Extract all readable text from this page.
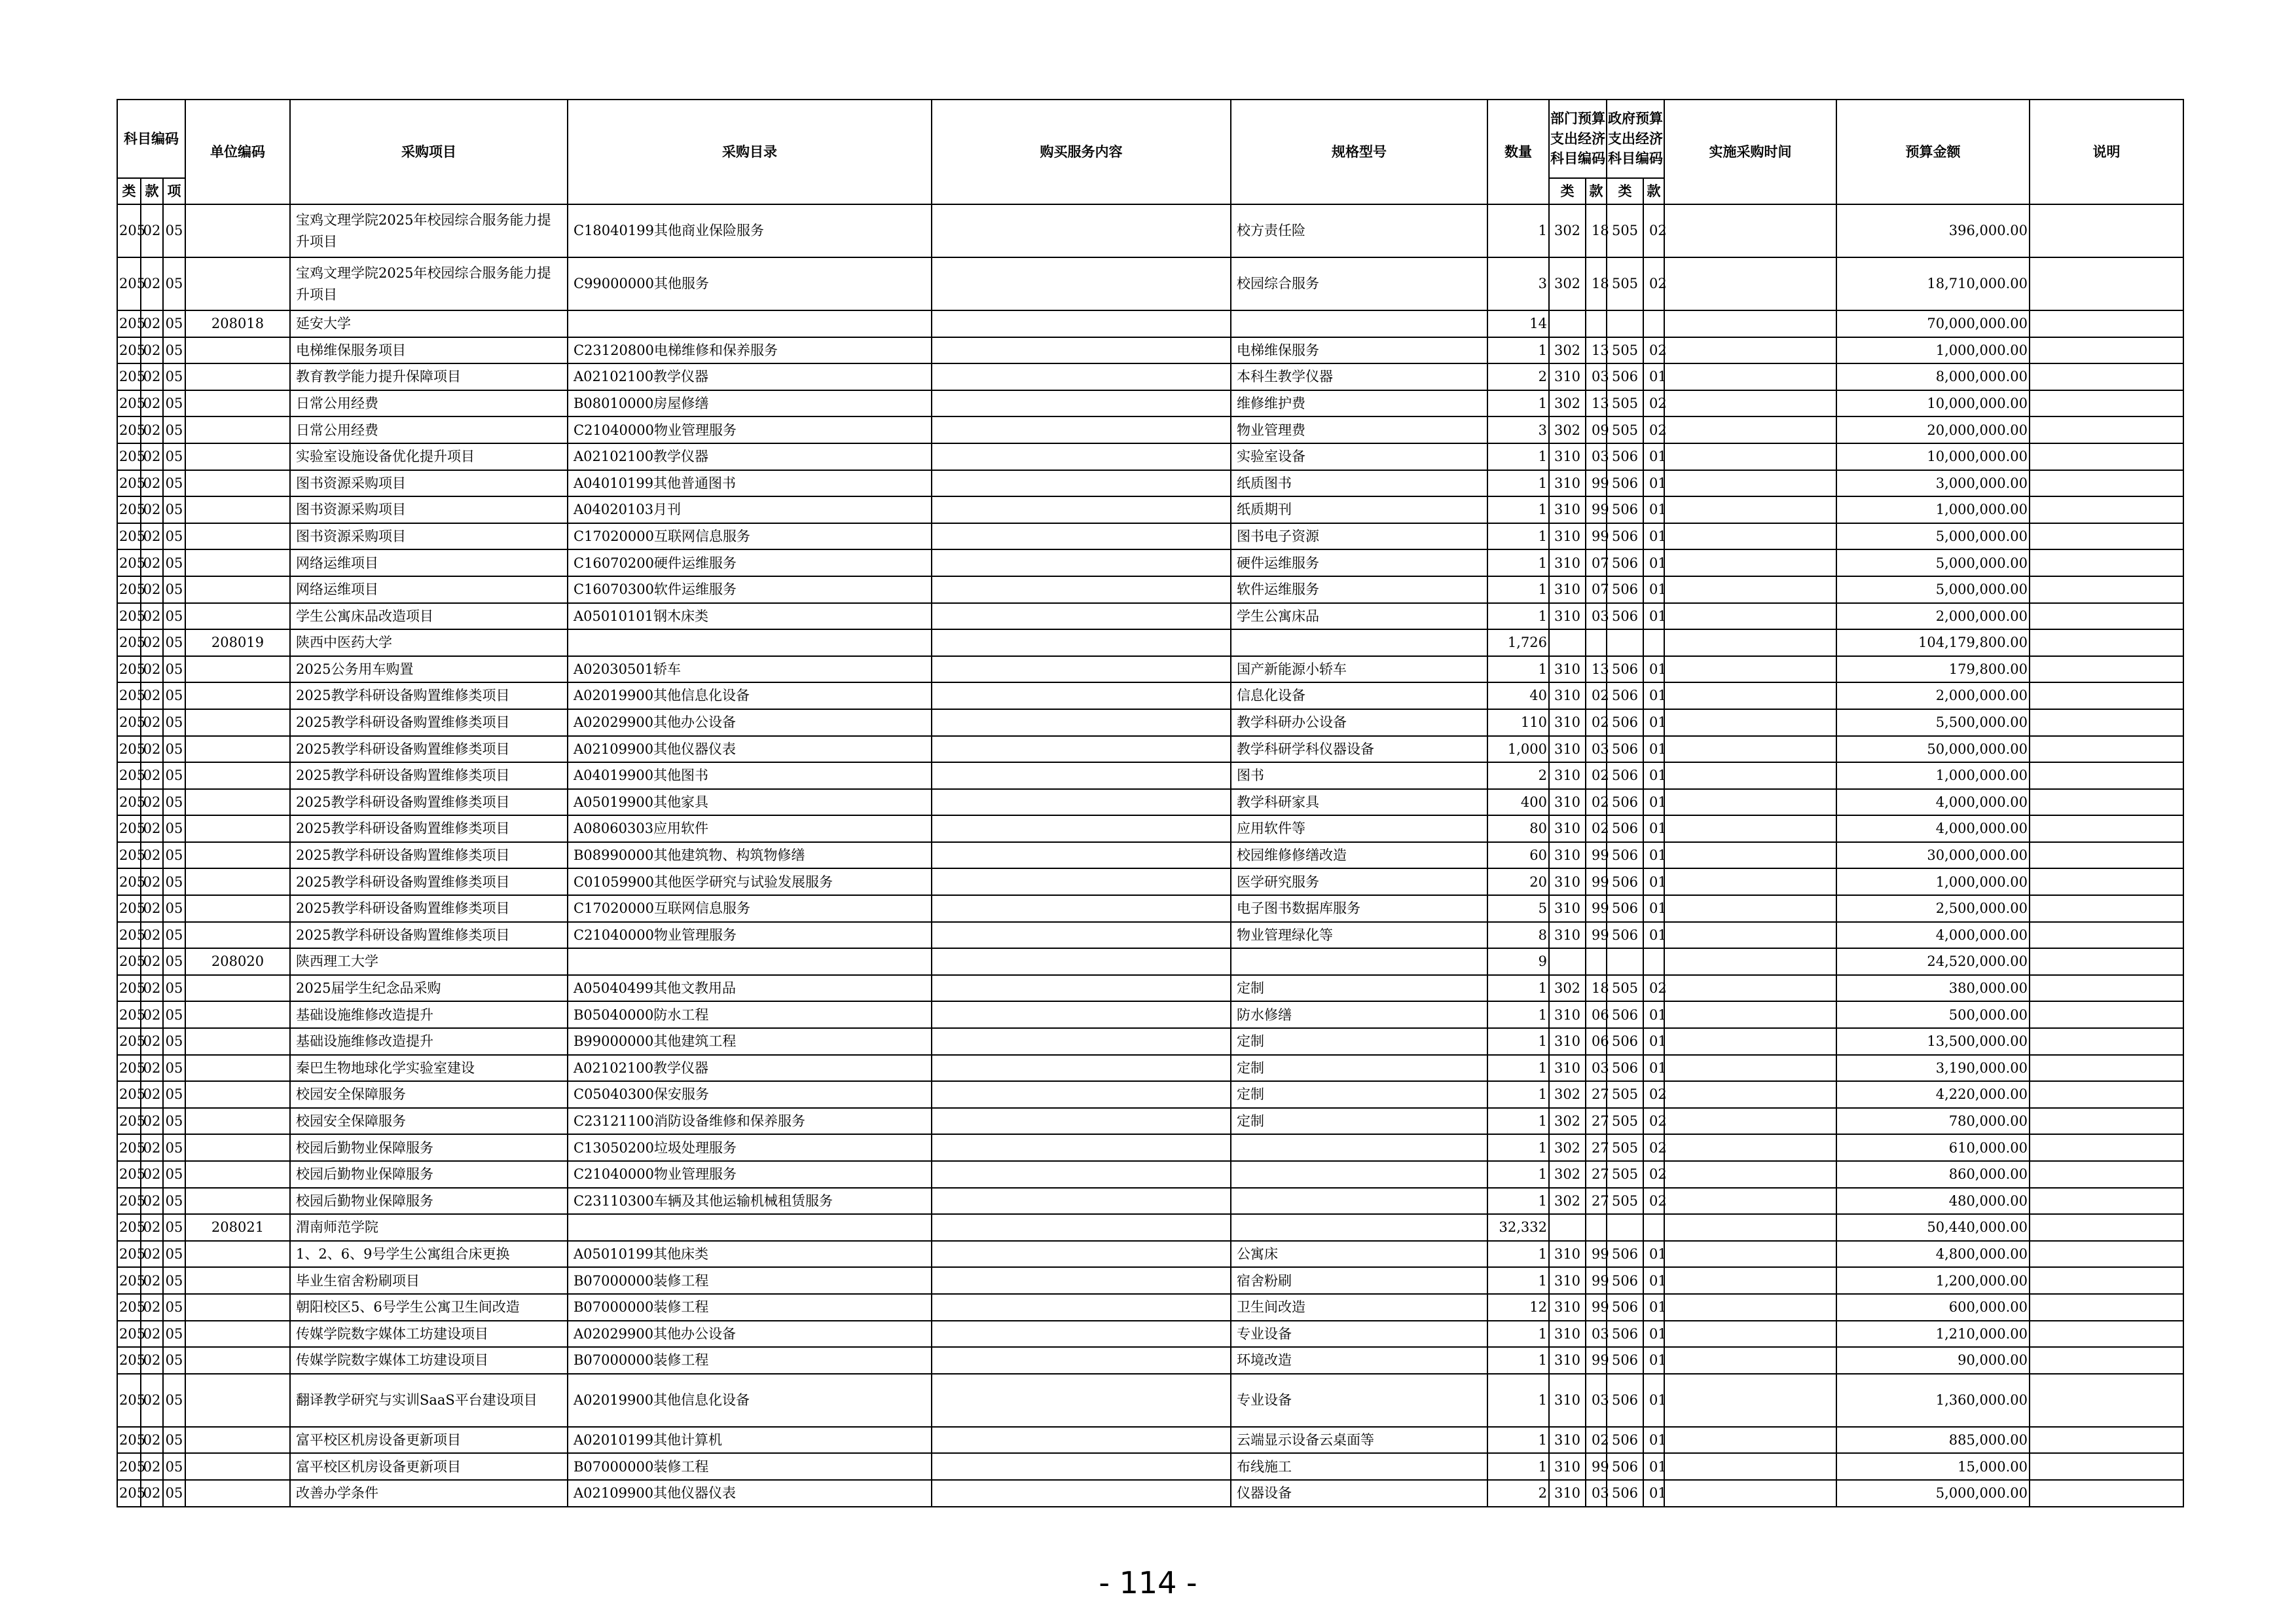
科目编码			单位编码	采购项目	采购目录	购买服务内容	规格型号	数量	部门预算支出经济科目编码		政府预算支出经济科目编码		实施采购时间	预算金额	说明
类	款	项							类	款	类	款			
205	02	05		宝鸡文理学院2025年校园综合服务能力提升项目	C18040199其他商业保险服务		校方责任险	1	302	18	505	02		396,000.00	
205	02	05		宝鸡文理学院2025年校园综合服务能力提升项目	C99000000其他服务		校园综合服务	3	302	18	505	02		18,710,000.00	
205	02	05	208018	延安大学				14						70,000,000.00	
205	02	05		电梯维保服务项目	C23120800电梯维修和保养服务		电梯维保服务	1	302	13	505	02		1,000,000.00	
205	02	05		教育教学能力提升保障项目	A02102100教学仪器		本科生教学仪器	2	310	03	506	01		8,000,000.00	
205	02	05		日常公用经费	B08010000房屋修缮		维修维护费	1	302	13	505	02		10,000,000.00	
205	02	05		日常公用经费	C21040000物业管理服务		物业管理费	3	302	09	505	02		20,000,000.00	
205	02	05		实验室设施设备优化提升项目	A02102100教学仪器		实验室设备	1	310	03	506	01		10,000,000.00	
205	02	05		图书资源采购项目	A04010199其他普通图书		纸质图书	1	310	99	506	01		3,000,000.00	
205	02	05		图书资源采购项目	A04020103月刊		纸质期刊	1	310	99	506	01		1,000,000.00	
205	02	05		图书资源采购项目	C17020000互联网信息服务		图书电子资源	1	310	99	506	01		5,000,000.00	
205	02	05		网络运维项目	C16070200硬件运维服务		硬件运维服务	1	310	07	506	01		5,000,000.00	
205	02	05		网络运维项目	C16070300软件运维服务		软件运维服务	1	310	07	506	01		5,000,000.00	
205	02	05		学生公寓床品改造项目	A05010101钢木床类		学生公寓床品	1	310	03	506	01		2,000,000.00	
205	02	05	208019	陕西中医药大学				1,726						104,179,800.00	
205	02	05		2025公务用车购置	A02030501轿车		国产新能源小轿车	1	310	13	506	01		179,800.00	
205	02	05		2025教学科研设备购置维修类项目	A02019900其他信息化设备		信息化设备	40	310	02	506	01		2,000,000.00	
205	02	05		2025教学科研设备购置维修类项目	A02029900其他办公设备		教学科研办公设备	110	310	02	506	01		5,500,000.00	
205	02	05		2025教学科研设备购置维修类项目	A02109900其他仪器仪表		教学科研学科仪器设备	1,000	310	03	506	01		50,000,000.00	
205	02	05		2025教学科研设备购置维修类项目	A04019900其他图书		图书	2	310	02	506	01		1,000,000.00	
205	02	05		2025教学科研设备购置维修类项目	A05019900其他家具		教学科研家具	400	310	02	506	01		4,000,000.00	
205	02	05		2025教学科研设备购置维修类项目	A08060303应用软件		应用软件等	80	310	02	506	01		4,000,000.00	
205	02	05		2025教学科研设备购置维修类项目	B08990000其他建筑物、构筑物修缮		校园维修修缮改造	60	310	99	506	01		30,000,000.00	
205	02	05		2025教学科研设备购置维修类项目	C01059900其他医学研究与试验发展服务		医学研究服务	20	310	99	506	01		1,000,000.00	
205	02	05		2025教学科研设备购置维修类项目	C17020000互联网信息服务		电子图书数据库服务	5	310	99	506	01		2,500,000.00	
205	02	05		2025教学科研设备购置维修类项目	C21040000物业管理服务		物业管理绿化等	8	310	99	506	01		4,000,000.00	
205	02	05	208020	陕西理工大学				9						24,520,000.00	
205	02	05		2025届学生纪念品采购	A05040499其他文教用品		定制	1	302	18	505	02		380,000.00	
205	02	05		基础设施维修改造提升	B05040000防水工程		防水修缮	1	310	06	506	01		500,000.00	
205	02	05		基础设施维修改造提升	B99000000其他建筑工程		定制	1	310	06	506	01		13,500,000.00	
205	02	05		秦巴生物地球化学实验室建设	A02102100教学仪器		定制	1	310	03	506	01		3,190,000.00	
205	02	05		校园安全保障服务	C05040300保安服务		定制	1	302	27	505	02		4,220,000.00	
205	02	05		校园安全保障服务	C23121100消防设备维修和保养服务		定制	1	302	27	505	02		780,000.00	
205	02	05		校园后勤物业保障服务	C13050200垃圾处理服务			1	302	27	505	02		610,000.00	
205	02	05		校园后勤物业保障服务	C21040000物业管理服务			1	302	27	505	02		860,000.00	
205	02	05		校园后勤物业保障服务	C23110300车辆及其他运输机械租赁服务			1	302	27	505	02		480,000.00	
205	02	05	208021	渭南师范学院				32,332						50,440,000.00	
205	02	05		1、2、6、9号学生公寓组合床更换	A05010199其他床类		公寓床	1	310	99	506	01		4,800,000.00	
205	02	05		毕业生宿舍粉刷项目	B07000000装修工程		宿舍粉刷	1	310	99	506	01		1,200,000.00	
205	02	05		朝阳校区5、6号学生公寓卫生间改造	B07000000装修工程		卫生间改造	12	310	99	506	01		600,000.00	
205	02	05		传媒学院数字媒体工坊建设项目	A02029900其他办公设备		专业设备	1	310	03	506	01		1,210,000.00	
205	02	05		传媒学院数字媒体工坊建设项目	B07000000装修工程		环境改造	1	310	99	506	01		90,000.00	
205	02	05		翻译教学研究与实训SaaS平台建设项目	A02019900其他信息化设备		专业设备	1	310	03	506	01		1,360,000.00	
205	02	05		富平校区机房设备更新项目	A02010199其他计算机		云端显示设备云桌面等	1	310	02	506	01		885,000.00	
205	02	05		富平校区机房设备更新项目	B07000000装修工程		布线施工	1	310	99	506	01		15,000.00	
205	02	05		改善办学条件	A02109900其他仪器仪表		仪器设备	2	310	03	506	01		5,000,000.00	
- 114 -
